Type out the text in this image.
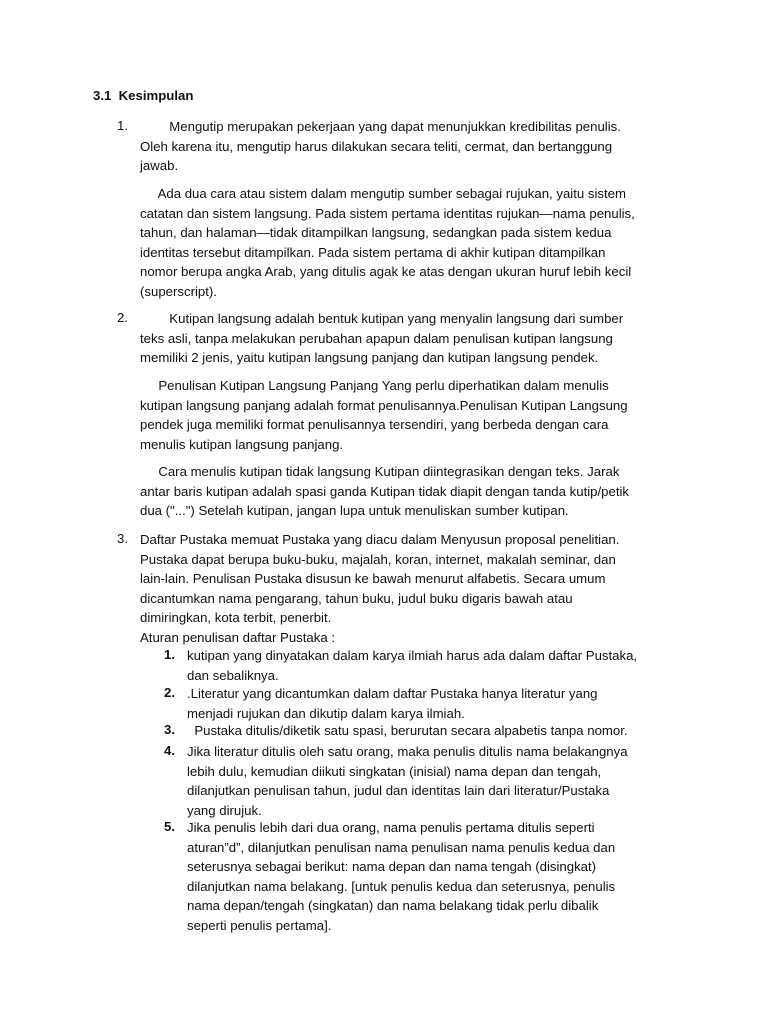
3.1  Kesimpulan
1. Mengutip merupakan pekerjaan yang dapat menunjukkan kredibilitas penulis.
Oleh karena itu, mengutip harus dilakukan secara teliti, cermat, dan bertanggung
jawab.
Ada dua cara atau sistem dalam mengutip sumber sebagai rujukan, yaitu sistem
catatan dan sistem langsung. Pada sistem pertama identitas rujukan—nama penulis,
tahun, dan halaman—tidak ditampilkan langsung, sedangkan pada sistem kedua
identitas tersebut ditampilkan. Pada sistem pertama di akhir kutipan ditampilkan
nomor berupa angka Arab, yang ditulis agak ke atas dengan ukuran huruf lebih kecil
(superscript).
2. Kutipan langsung adalah bentuk kutipan yang menyalin langsung dari sumber
teks asli, tanpa melakukan perubahan apapun dalam penulisan kutipan langsung
memiliki 2 jenis, yaitu kutipan langsung panjang dan kutipan langsung pendek.
Penulisan Kutipan Langsung Panjang Yang perlu diperhatikan dalam menulis
kutipan langsung panjang adalah format penulisannya.Penulisan Kutipan Langsung
pendek juga memiliki format penulisannya tersendiri, yang berbeda dengan cara
menulis kutipan langsung panjang.
Cara menulis kutipan tidak langsung Kutipan diintegrasikan dengan teks. Jarak
antar baris kutipan adalah spasi ganda Kutipan tidak diapit dengan tanda kutip/petik
dua ("...") Setelah kutipan, jangan lupa untuk menuliskan sumber kutipan.
3. Daftar Pustaka memuat Pustaka yang diacu dalam Menyusun proposal penelitian.
Pustaka dapat berupa buku-buku, majalah, koran, internet, makalah seminar, dan
lain-lain. Penulisan Pustaka disusun ke bawah menurut alfabetis. Secara umum
dicantumkan nama pengarang, tahun buku, judul buku digaris bawah atau
dimiringkan, kota terbit, penerbit.
Aturan penulisan daftar Pustaka :
1. kutipan yang dinyatakan dalam karya ilmiah harus ada dalam daftar Pustaka,
dan sebaliknya.
2. .Literatur yang dicantumkan dalam daftar Pustaka hanya literatur yang
menjadi rujukan dan dikutip dalam karya ilmiah.
3. Pustaka ditulis/diketik satu spasi, berurutan secara alpabetis tanpa nomor.
4. Jika literatur ditulis oleh satu orang, maka penulis ditulis nama belakangnya
lebih dulu, kemudian diikuti singkatan (inisial) nama depan dan tengah,
dilanjutkan penulisan tahun, judul dan identitas lain dari literatur/Pustaka
yang dirujuk.
5. Jika penulis lebih dari dua orang, nama penulis pertama ditulis seperti
aturan”d”, dilanjutkan penulisan nama penulisan nama penulis kedua dan
seterusnya sebagai berikut: nama depan dan nama tengah (disingkat)
dilanjutkan nama belakang. [untuk penulis kedua dan seterusnya, penulis
nama depan/tengah (singkatan) dan nama belakang tidak perlu dibalik
seperti penulis pertama].
